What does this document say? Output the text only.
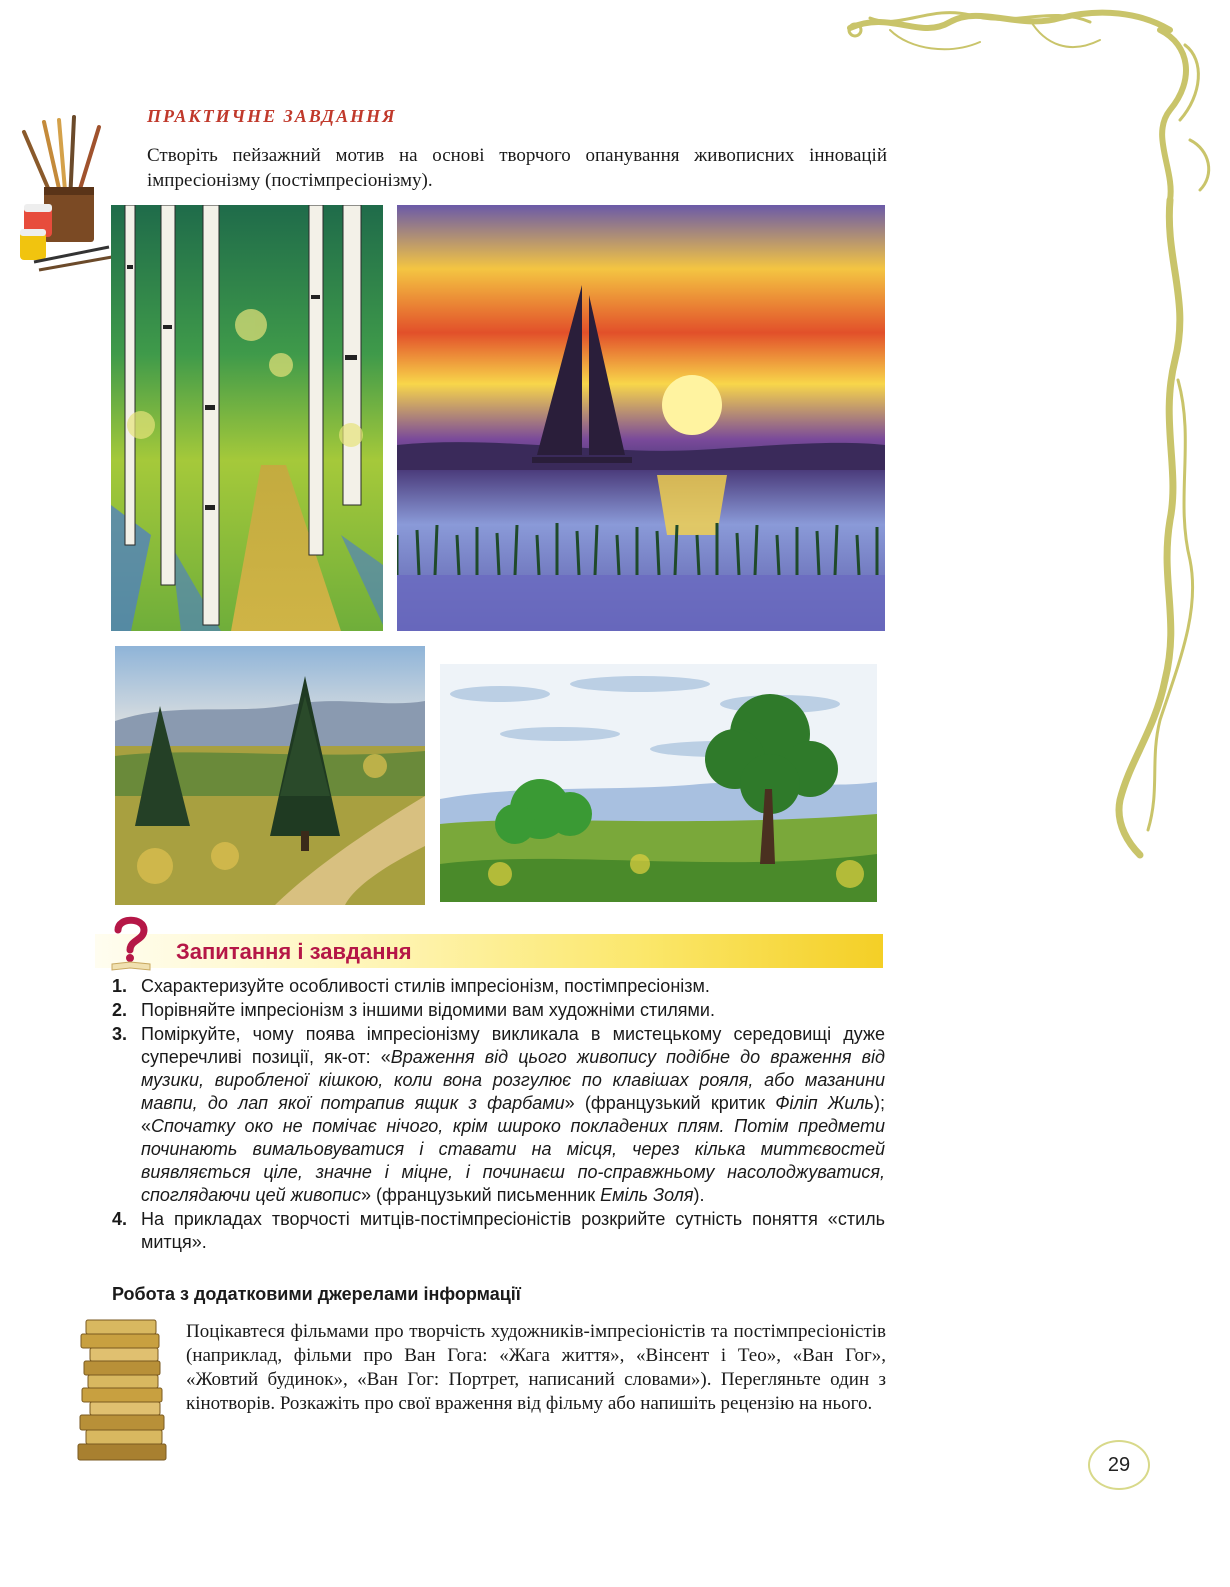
ПРАКТИЧНЕ ЗАВДАННЯ
Створіть пейзажний мотив на основі творчого опанування живописних інновацій імпресіонізму (постімпресіонізму).
Запитання і завдання
1. Схарактеризуйте особливості стилів імпресіонізм, постімпресіонізм.

2. Порівняйте імпресіонізм з іншими відомими вам художніми стилями.

3. Поміркуйте, чому поява імпресіонізму викликала в мистецькому середовищі дуже суперечливі позиції, як-от: «Враження від цього живопису подібне до враження від музики, виробленої кішкою, коли вона розгулює по клавішах рояля, або мазанини мавпи, до лап якої потрапив ящик з фарбами» (французький критик Філіп Жиль); «Спочатку око не помічає нічого, крім широко покладених плям. Потім предмети починають вимальовуватися і ставати на місця, через кілька миттєвостей виявляється ціле, значне і міцне, і починаєш по-справжньому насолоджуватися, споглядаючи цей живопис» (французький письменник Еміль Золя).

4. На прикладах творчості митців-постімпресіоністів розкрийте сутність поняття «стиль митця».

Робота з додатковими джерелами інформації
Поцікавтеся фільмами про творчість художників-імпресіоністів та постімпресіоністів (наприклад, фільми про Ван Гога: «Жага життя», «Вінсент і Тео», «Ван Гог», «Жовтий будинок», «Ван Гог: Портрет, написаний словами»). Перегляньте один з кінотворів. Розкажіть про свої враження від фільму або напишіть рецензію на нього.
29
